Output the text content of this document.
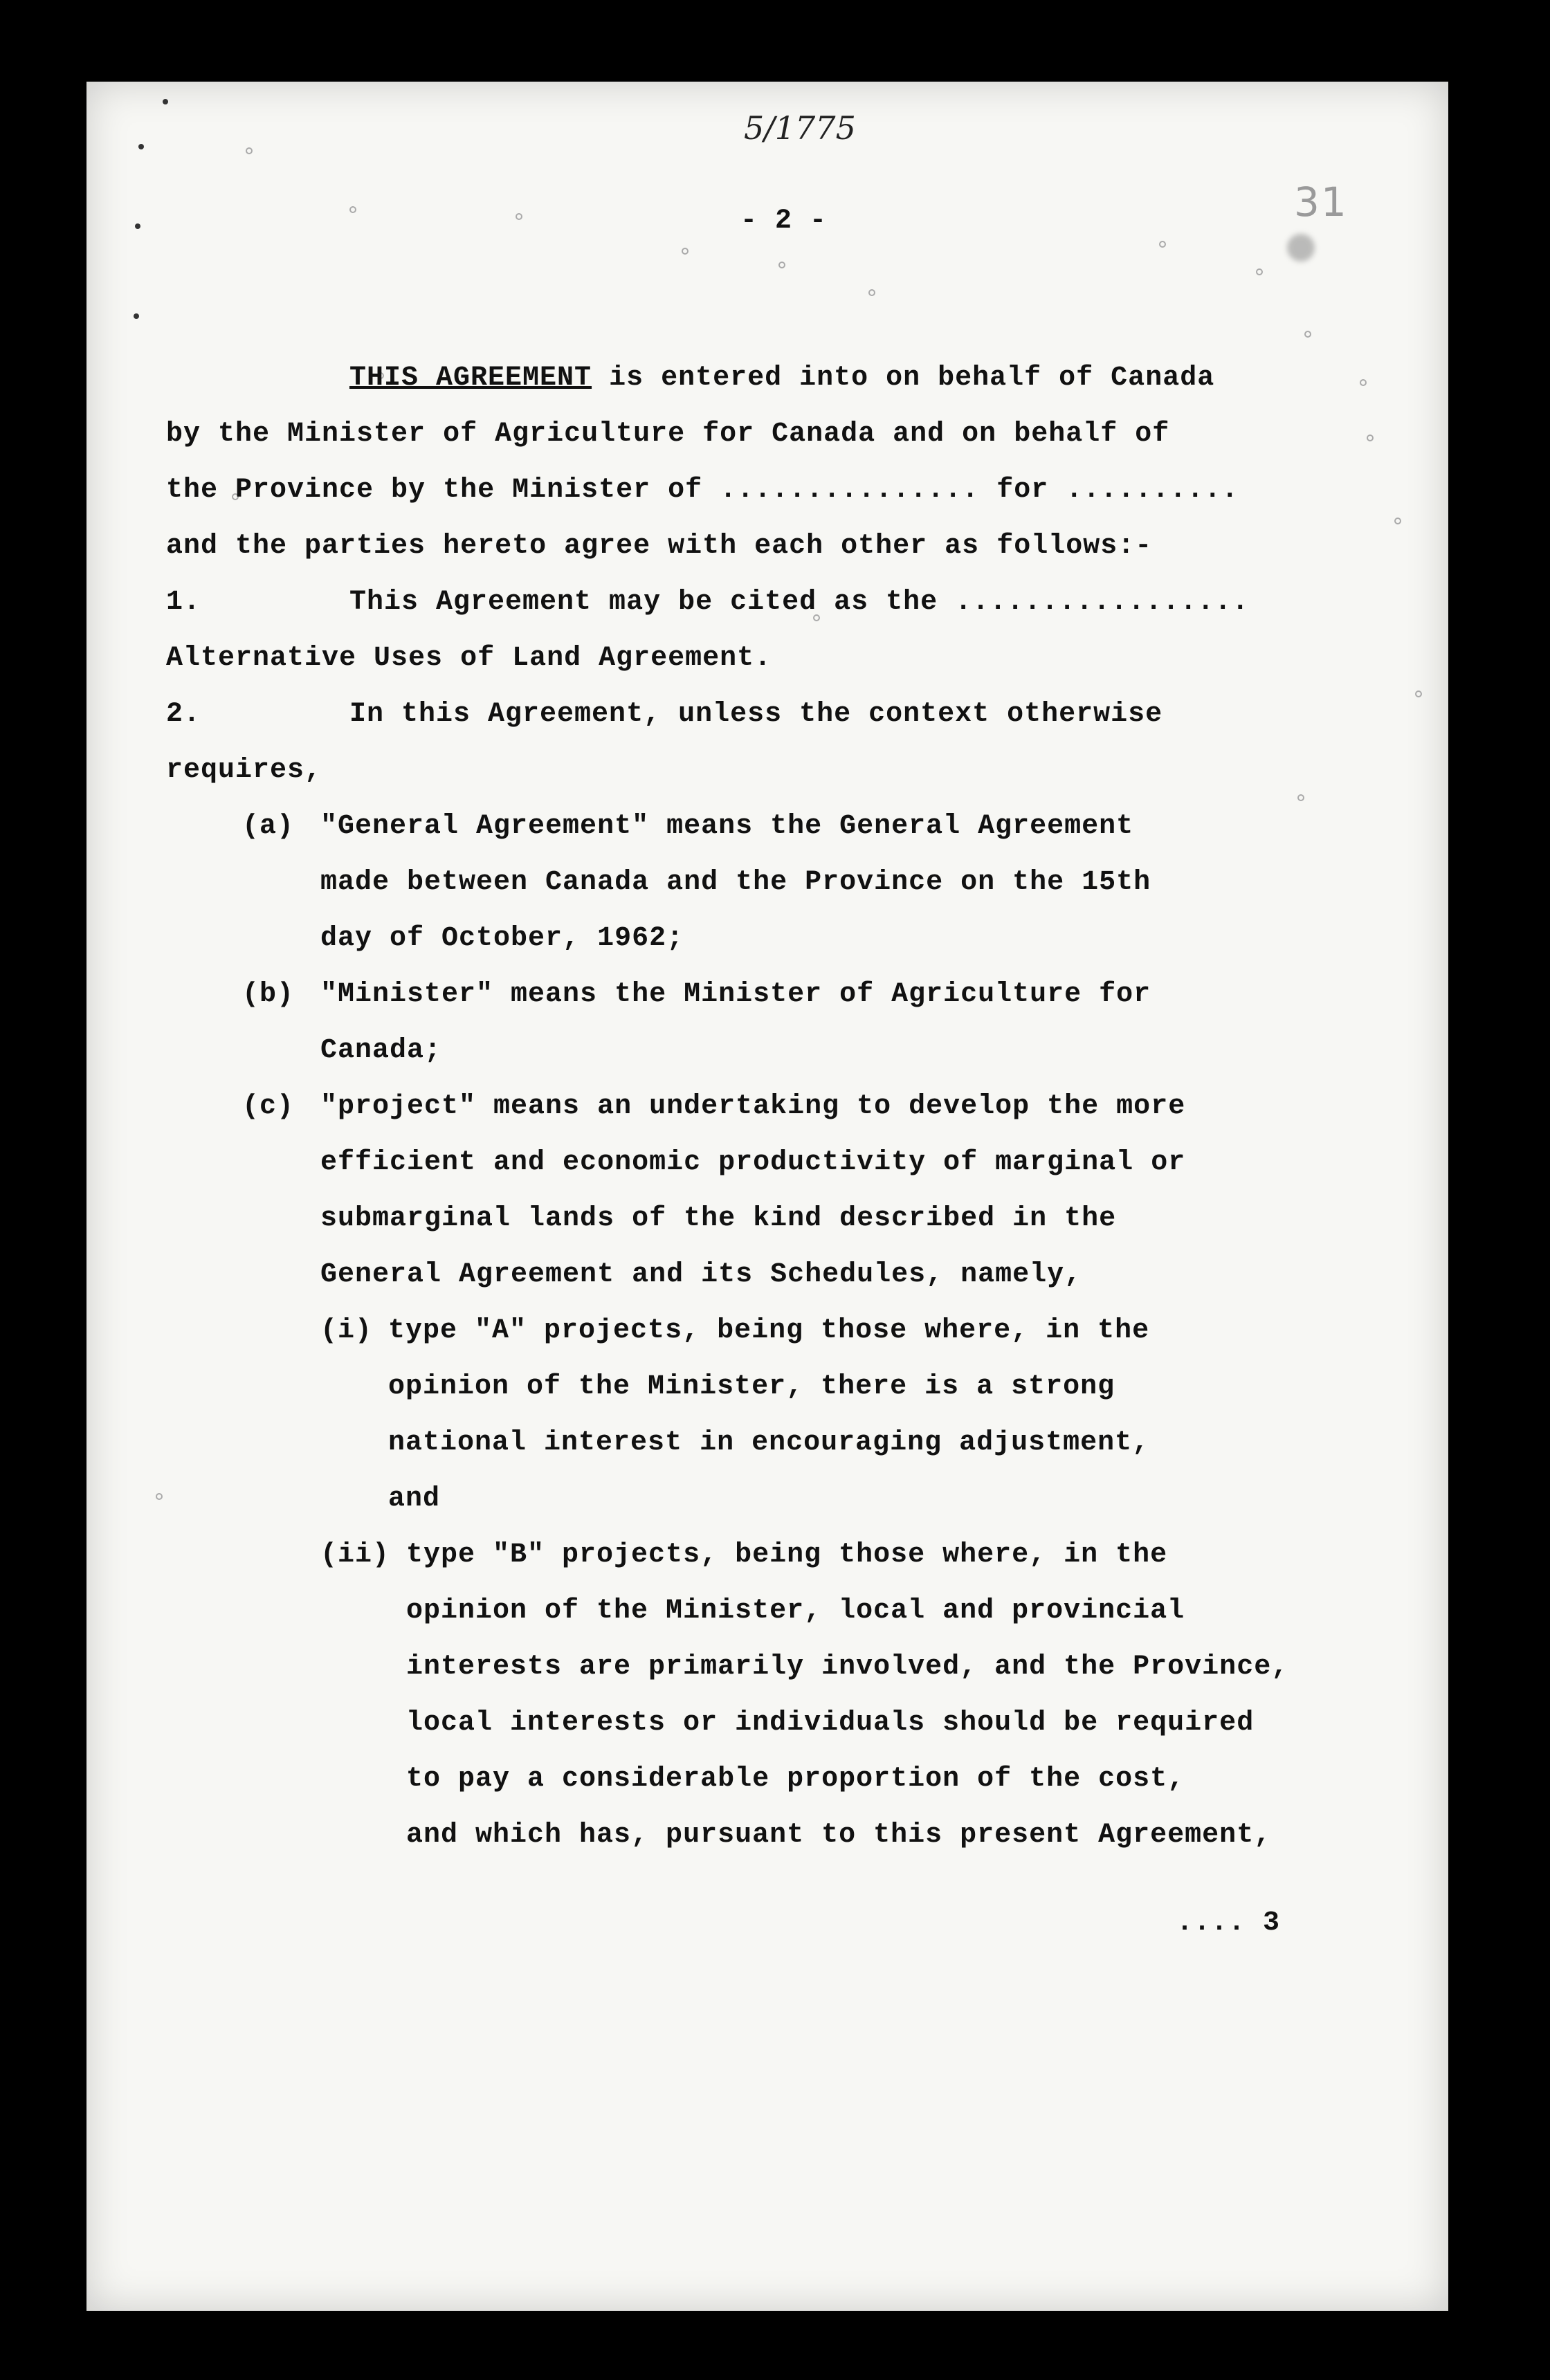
5/1775
31
- 2 -
THIS AGREEMENT is entered into on behalf of Canada
by the Minister of Agriculture for Canada and on behalf of
the Province by the Minister of ............... for ..........
and the parties hereto agree with each other as follows:-
1.	This Agreement may be cited as the .................
Alternative Uses of Land Agreement.
2.	In this Agreement, unless the context otherwise
requires,
(a) "General Agreement" means the General Agreement
made between Canada and the Province on the 15th
day of October, 1962;
(b) "Minister" means the Minister of Agriculture for
Canada;
(c) "project" means an undertaking to develop the more
efficient and economic productivity of marginal or
submarginal lands of the kind described in the
General Agreement and its Schedules, namely,
(i) type "A" projects, being those where, in the
opinion of the Minister, there is a strong
national interest in encouraging adjustment,
and
(ii) type "B" projects, being those where, in the
opinion of the Minister, local and provincial
interests are primarily involved, and the Province,
local interests or individuals should be required
to pay a considerable proportion of the cost,
and which has, pursuant to this present Agreement,
.... 3
